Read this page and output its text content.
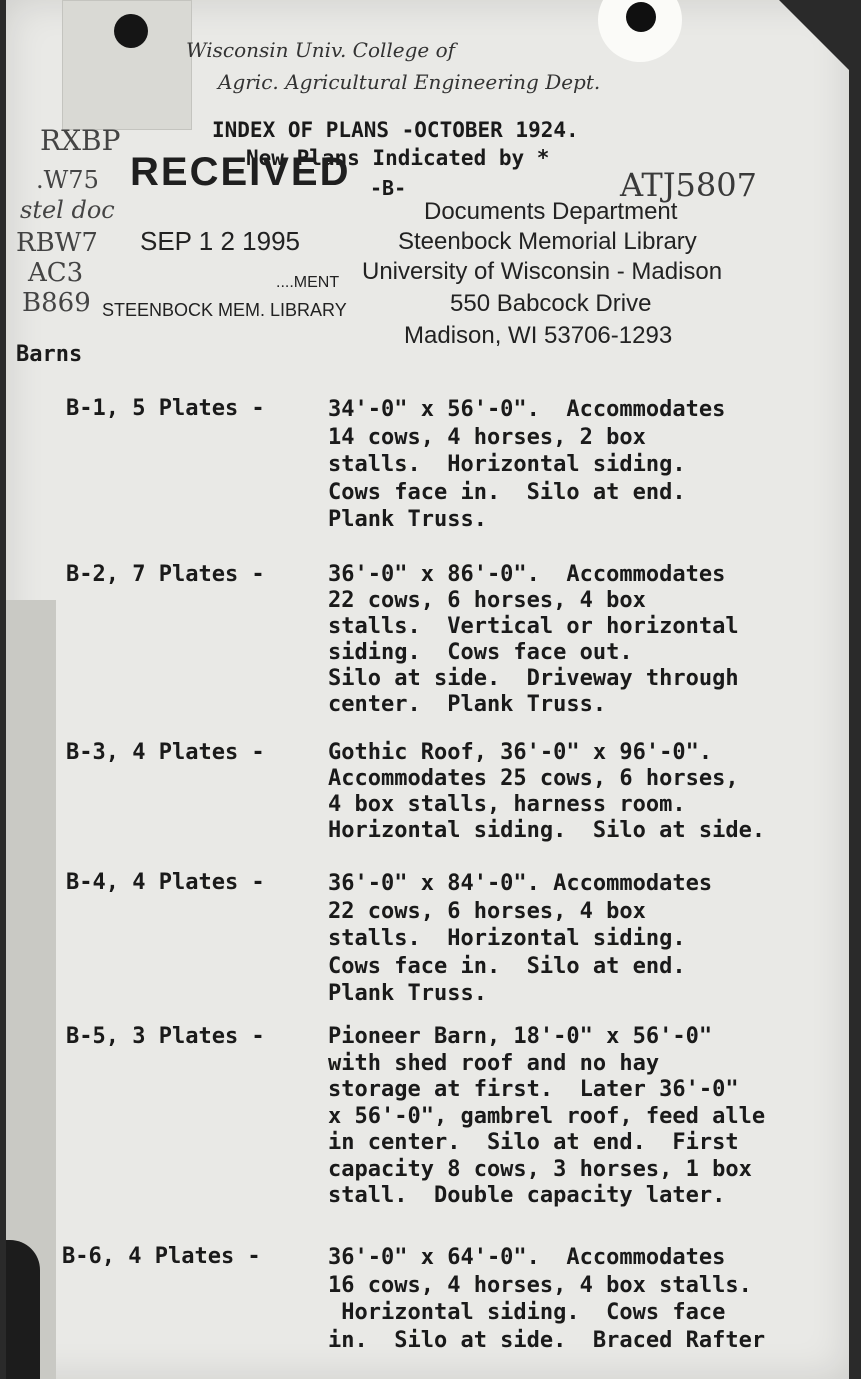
Wisconsin Univ. College of
Agric. Agricultural Engineering Dept.
RXBP
.W75
stel doc
RBW7
AC3
B869
INDEX OF PLANS -OCTOBER 1924.
New Plans Indicated by *
-B-
RECEIVED
SEP 1 2 1995
....MENT
STEENBOCK MEM. LIBRARY
ATJ5807
Documents Department
Steenbock Memorial Library
University of Wisconsin - Madison
550 Babcock Drive
Madison, WI 53706-1293
Barns
B-1, 5 Plates -	34'-0" x 56'-0".  Accommodates
14 cows, 4 horses, 2 box
stalls.  Horizontal siding.
Cows face in.  Silo at end.
Plank Truss.
B-2, 7 Plates -	36'-0" x 86'-0".  Accommodates
22 cows, 6 horses, 4 box
stalls.  Vertical or horizontal
siding.  Cows face out.
Silo at side.  Driveway through
center.  Plank Truss.
B-3, 4 Plates -	Gothic Roof, 36'-0" x 96'-0".
Accommodates 25 cows, 6 horses,
4 box stalls, harness room.
Horizontal siding.  Silo at side.
B-4, 4 Plates -	36'-0" x 84'-0". Accommodates
22 cows, 6 horses, 4 box
stalls.  Horizontal siding.
Cows face in.  Silo at end.
Plank Truss.
B-5, 3 Plates -	Pioneer Barn, 18'-0" x 56'-0"
with shed roof and no hay
storage at first.  Later 36'-0"
x 56'-0", gambrel roof, feed alle
in center.  Silo at end.  First
capacity 8 cows, 3 horses, 1 box
stall.  Double capacity later.
B-6, 4 Plates -	36'-0" x 64'-0".  Accommodates
16 cows, 4 horses, 4 box stalls.
Horizontal siding.  Cows face
in.  Silo at side.  Braced Rafter
